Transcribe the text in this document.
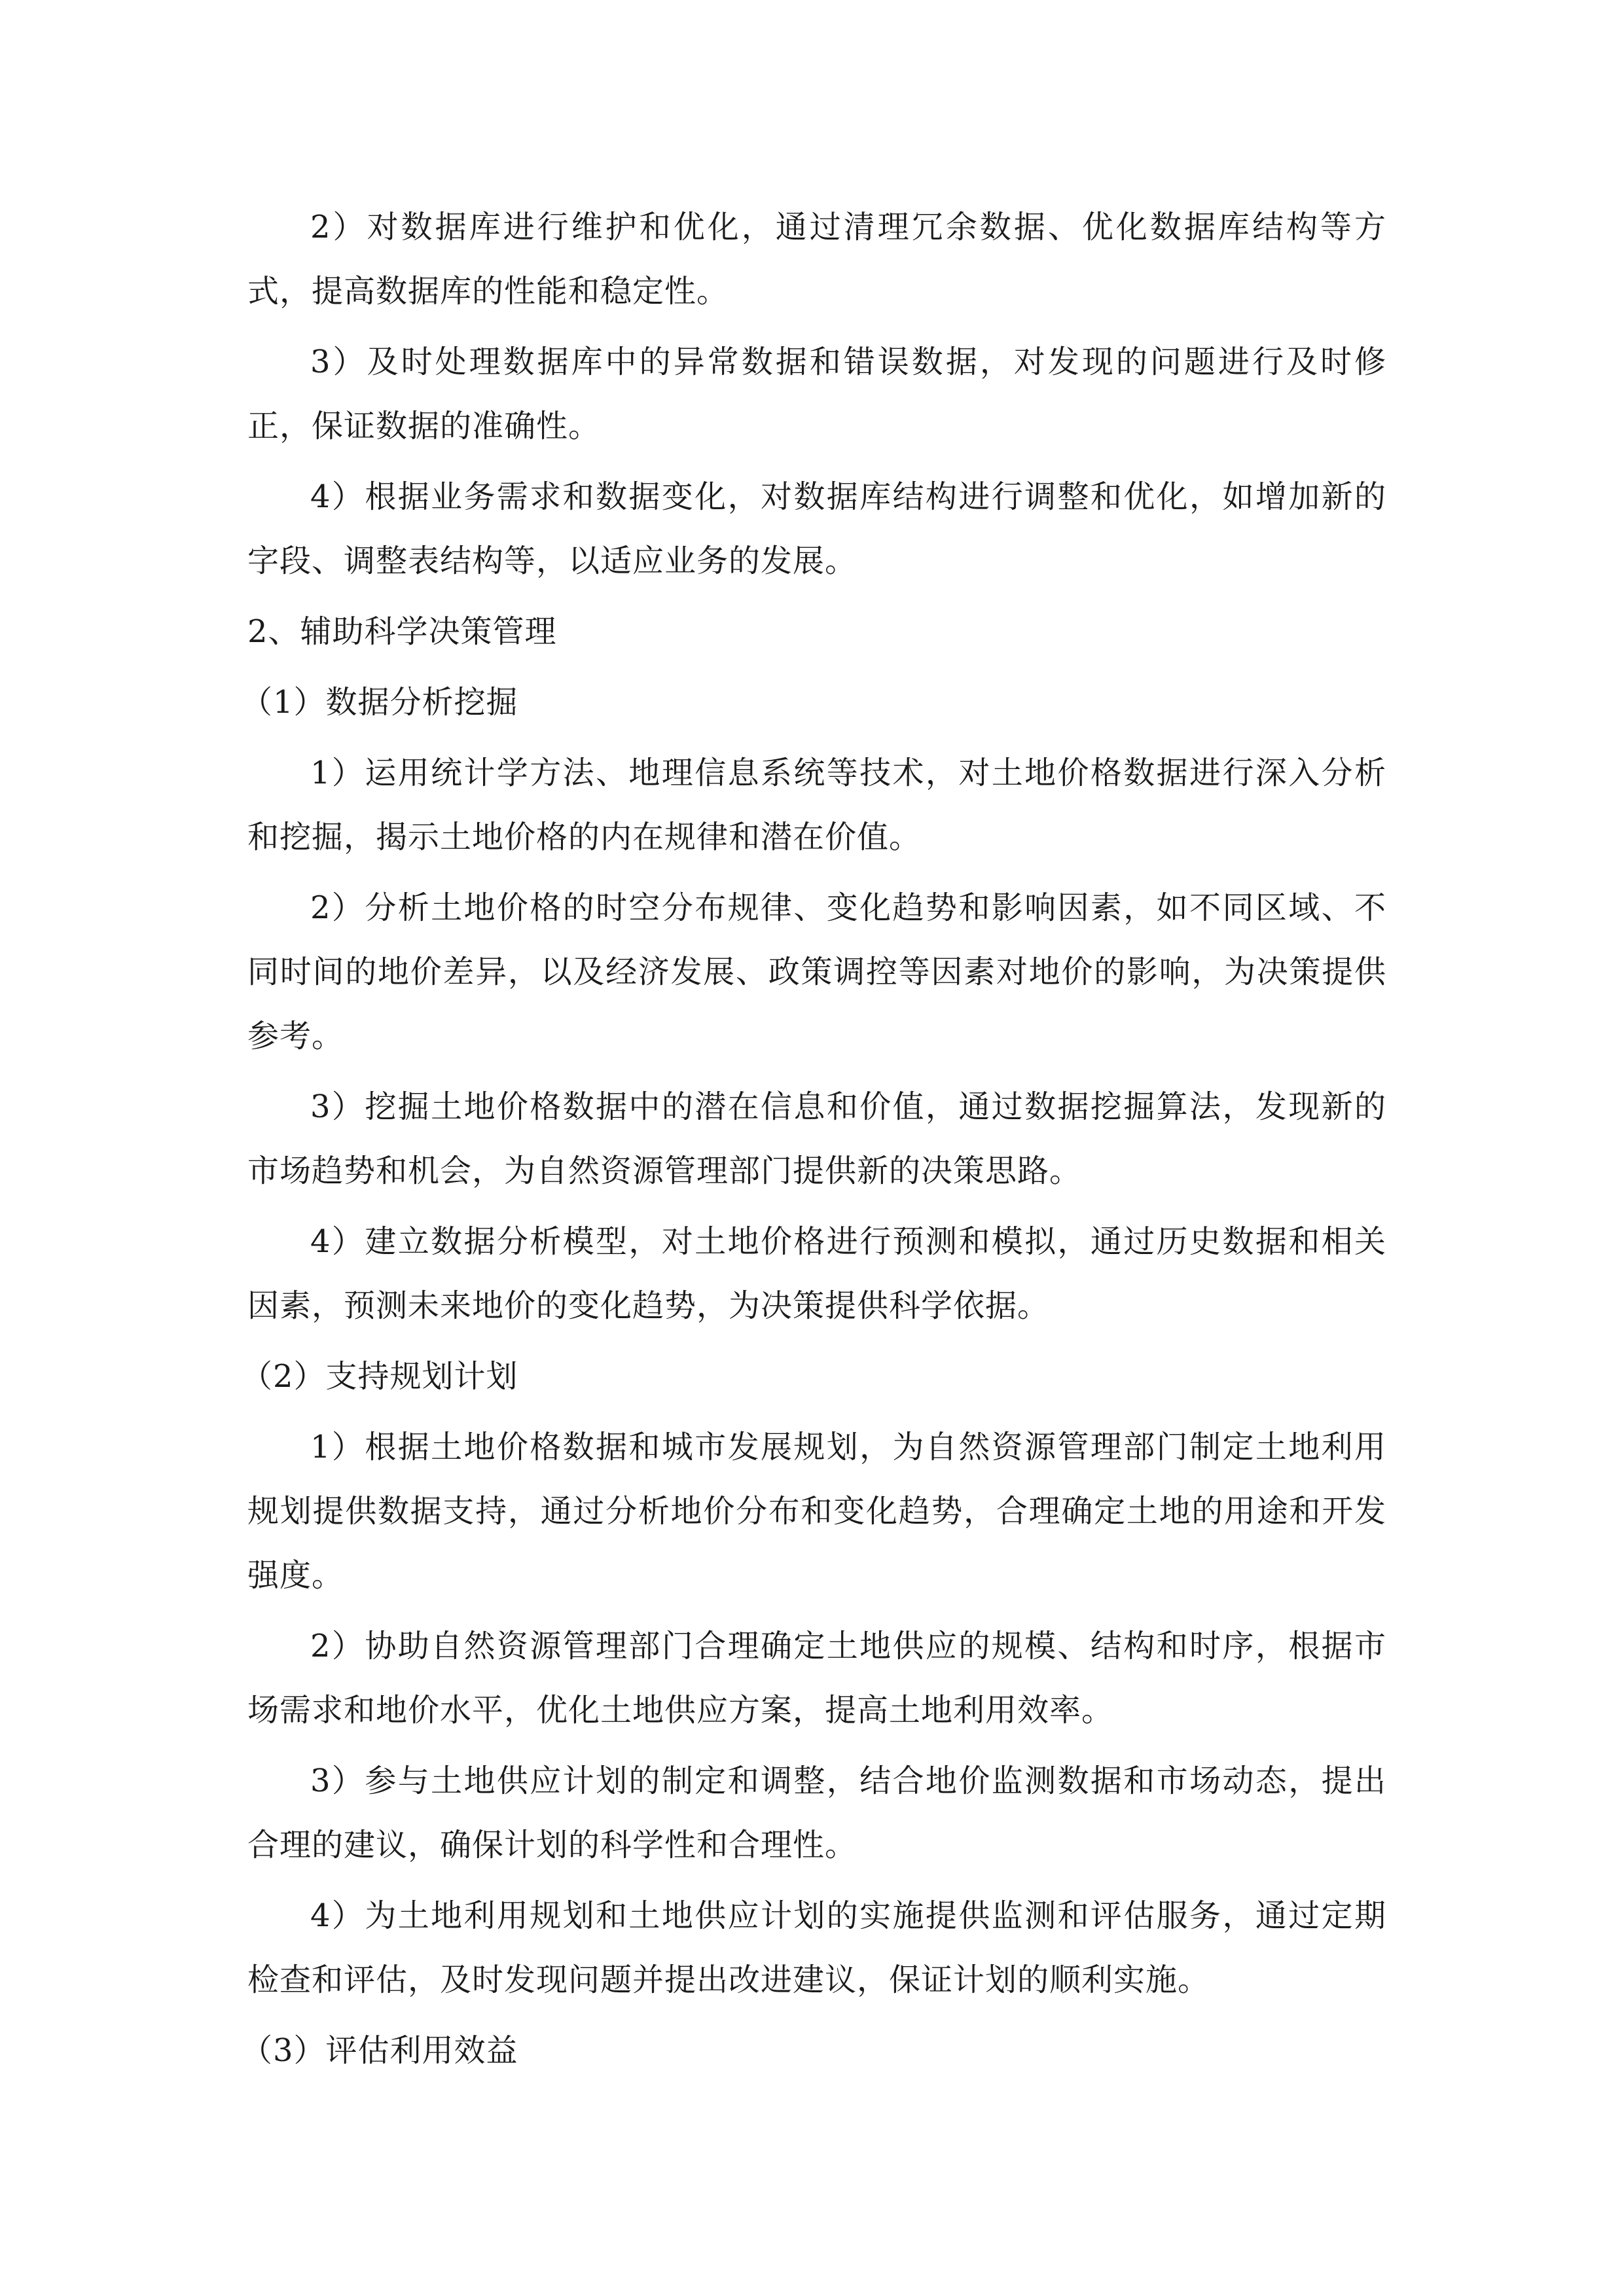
2）对数据库进行维护和优化，通过清理冗余数据、优化数据库结构等方式，提高数据库的性能和稳定性。

3）及时处理数据库中的异常数据和错误数据，对发现的问题进行及时修正，保证数据的准确性。

4）根据业务需求和数据变化，对数据库结构进行调整和优化，如增加新的字段、调整表结构等，以适应业务的发展。

2、辅助科学决策管理

（1）数据分析挖掘

1）运用统计学方法、地理信息系统等技术，对土地价格数据进行深入分析和挖掘，揭示土地价格的内在规律和潜在价值。

2）分析土地价格的时空分布规律、变化趋势和影响因素，如不同区域、不同时间的地价差异，以及经济发展、政策调控等因素对地价的影响，为决策提供参考。

3）挖掘土地价格数据中的潜在信息和价值，通过数据挖掘算法，发现新的市场趋势和机会，为自然资源管理部门提供新的决策思路。

4）建立数据分析模型，对土地价格进行预测和模拟，通过历史数据和相关因素，预测未来地价的变化趋势，为决策提供科学依据。

（2）支持规划计划

1）根据土地价格数据和城市发展规划，为自然资源管理部门制定土地利用规划提供数据支持，通过分析地价分布和变化趋势，合理确定土地的用途和开发强度。

2）协助自然资源管理部门合理确定土地供应的规模、结构和时序，根据市场需求和地价水平，优化土地供应方案，提高土地利用效率。

3）参与土地供应计划的制定和调整，结合地价监测数据和市场动态，提出合理的建议，确保计划的科学性和合理性。

4）为土地利用规划和土地供应计划的实施提供监测和评估服务，通过定期检查和评估，及时发现问题并提出改进建议，保证计划的顺利实施。

（3）评估利用效益
